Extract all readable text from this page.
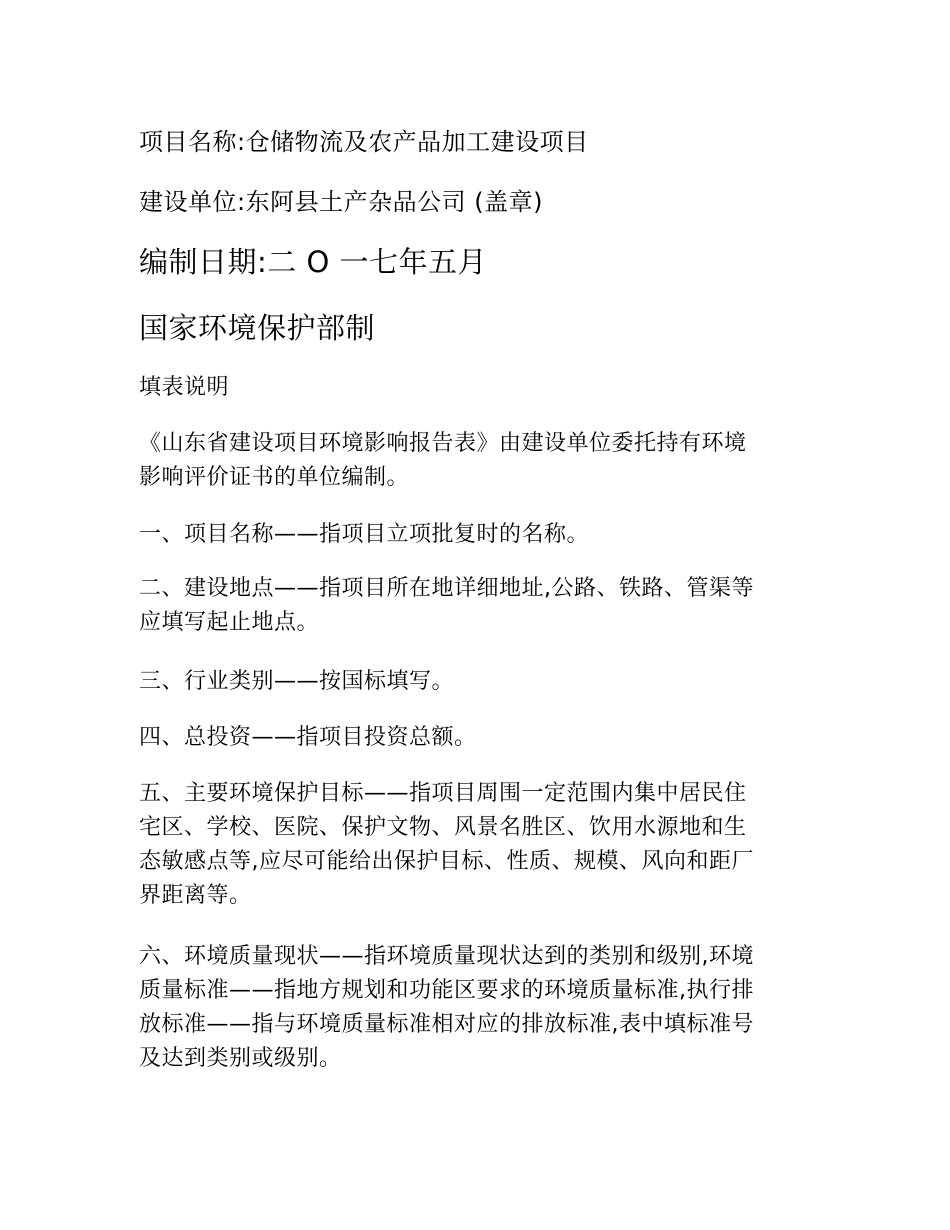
项目名称:仓储物流及农产品加工建设项目
建设单位:东阿县土产杂品公司 (盖章)
编制日期:二 O 一七年五月
国家环境保护部制
填表说明
《山东省建设项目环境影响报告表》由建设单位委托持有环境
影响评价证书的单位编制。
一、项目名称——指项目立项批复时的名称。
二、建设地点——指项目所在地详细地址,公路、铁路、管渠等
应填写起止地点。
三、行业类别——按国标填写。
四、总投资——指项目投资总额。
五、主要环境保护目标——指项目周围一定范围内集中居民住
宅区、学校、医院、保护文物、风景名胜区、饮用水源地和生
态敏感点等,应尽可能给出保护目标、性质、规模、风向和距厂
界距离等。
六、环境质量现状——指环境质量现状达到的类别和级别,环境
质量标准——指地方规划和功能区要求的环境质量标准,执行排
放标准——指与环境质量标准相对应的排放标准,表中填标准号
及达到类别或级别。
